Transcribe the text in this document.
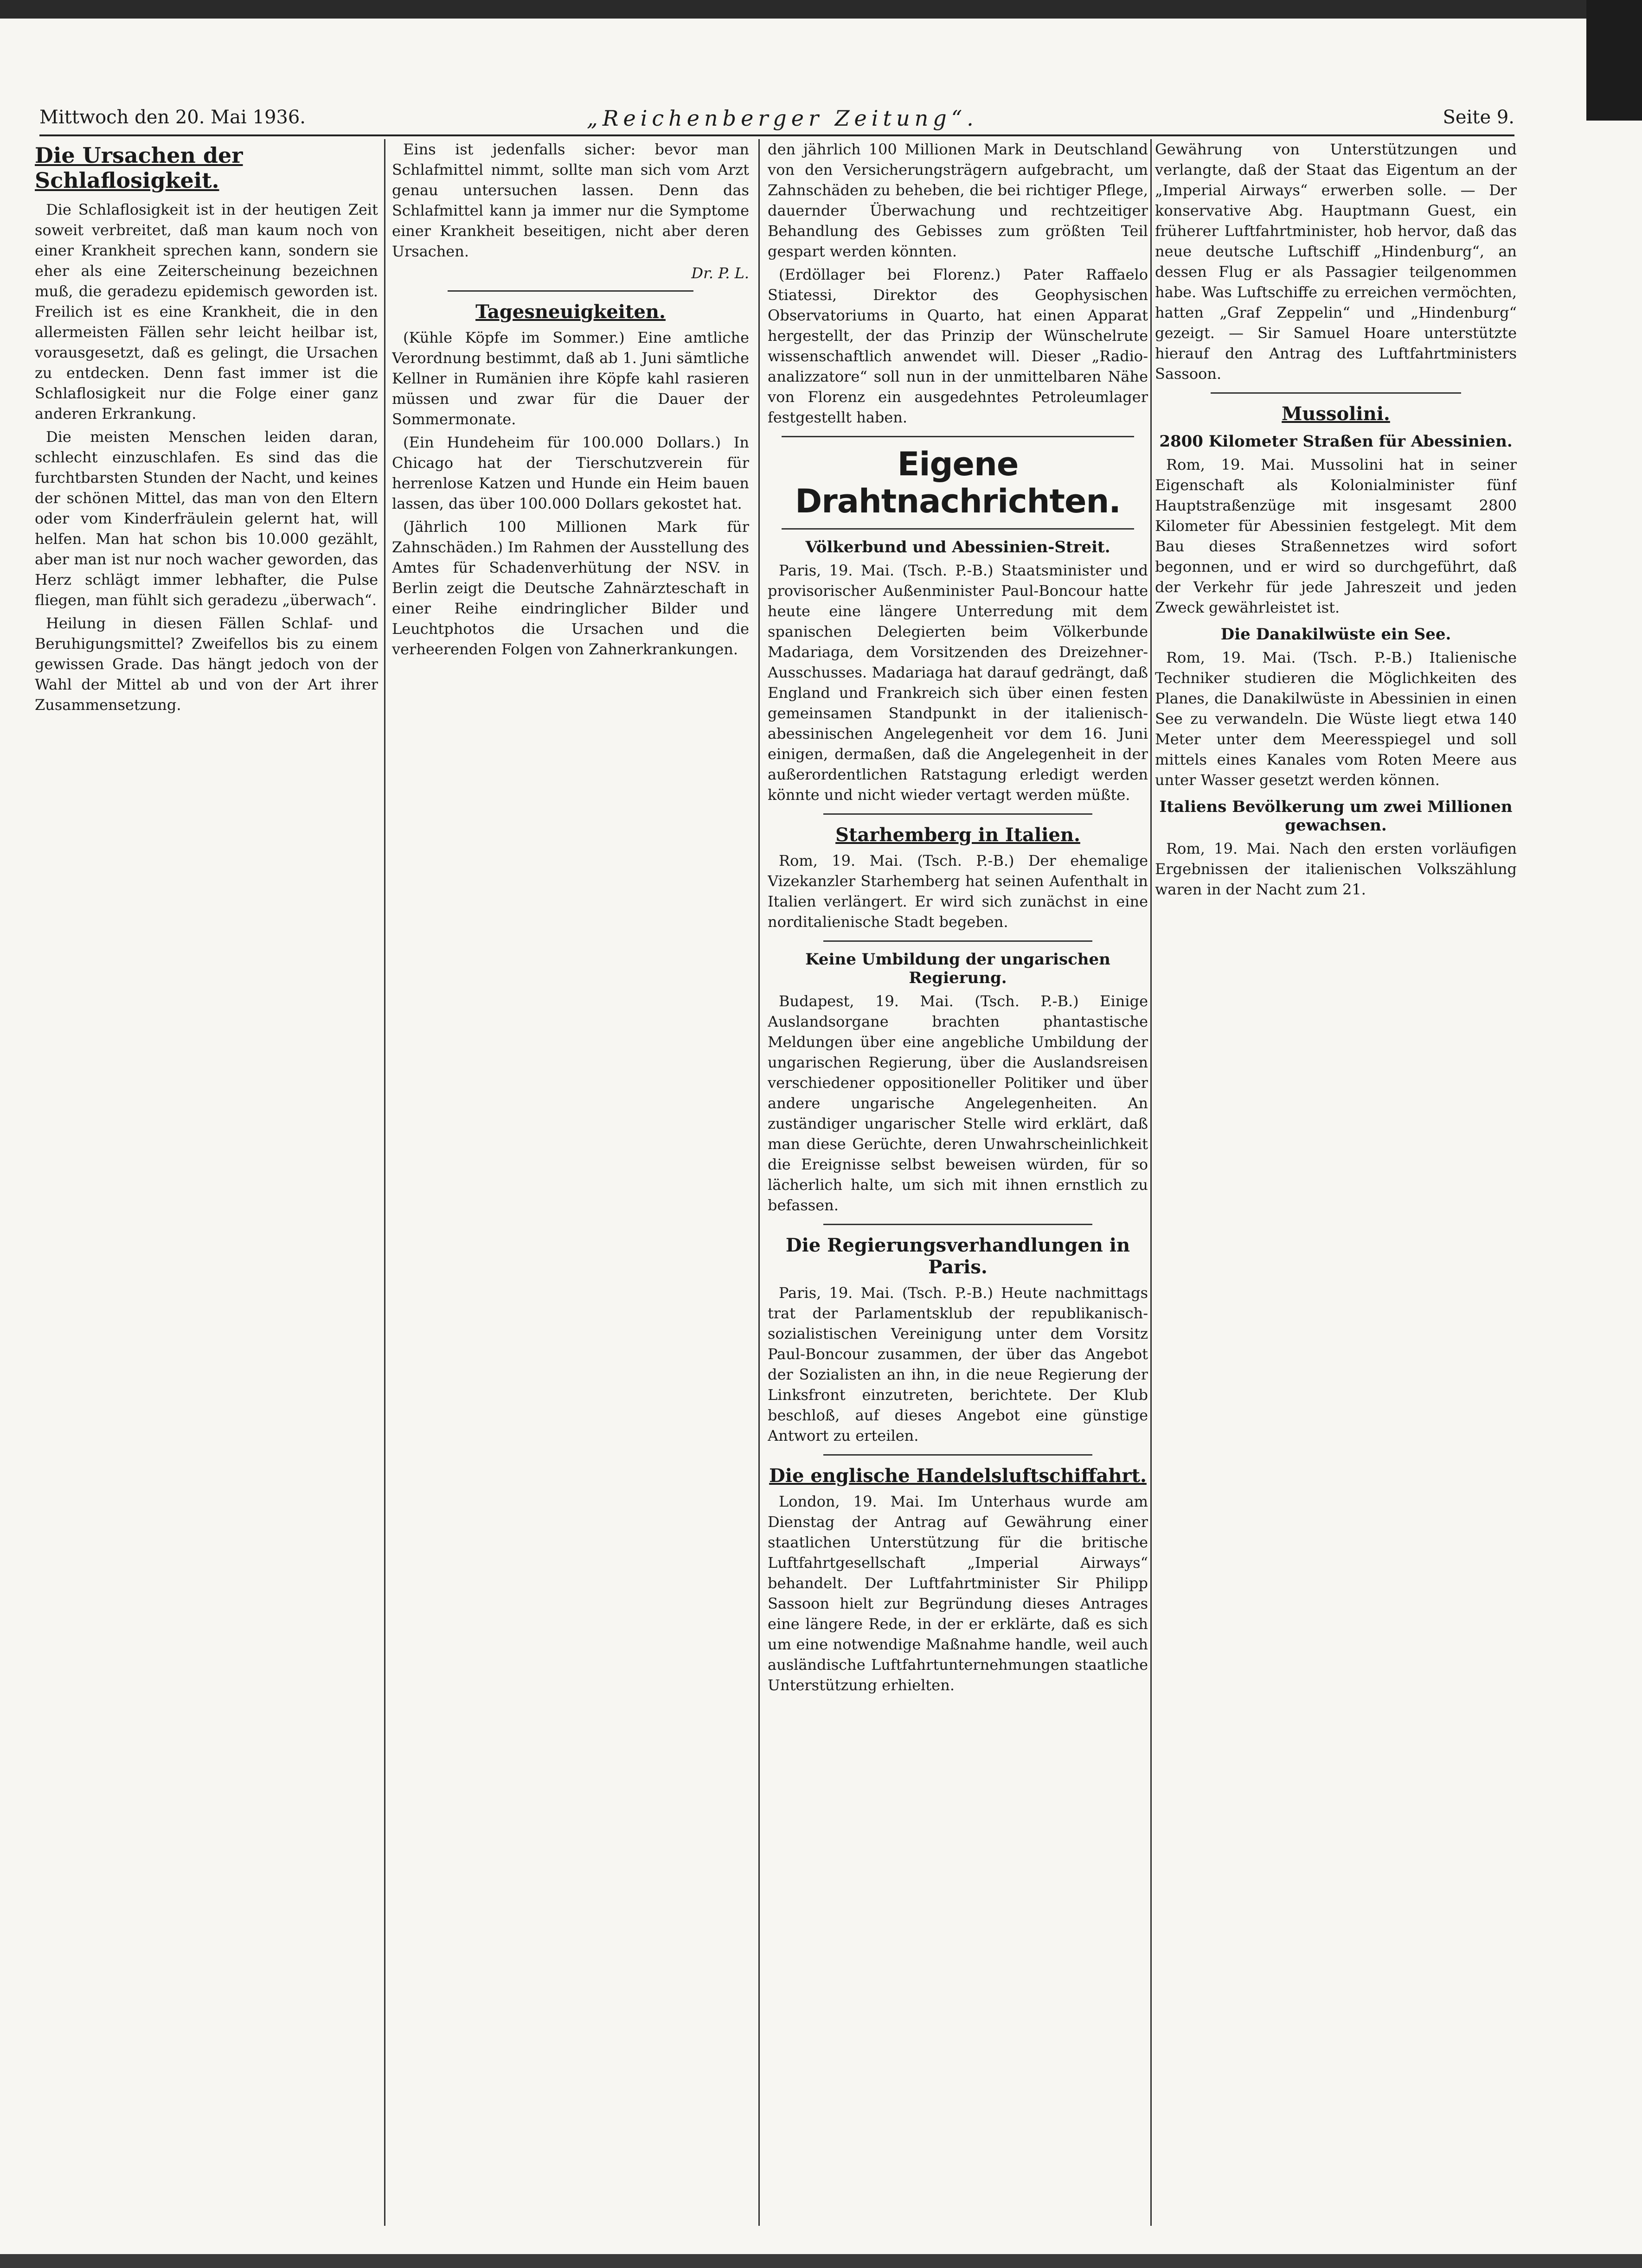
Mittwoch den 20. Mai 1936.	„Reichenberger Zeitung“.	Seite 9.
Die Ursachen der Schlaflosigkeit.

Die Schlaflosigkeit ist in der heutigen Zeit soweit verbreitet, daß man kaum noch von einer Krankheit sprechen kann, sondern sie eher als eine Zeiterscheinung bezeichnen muß, die geradezu epidemisch geworden ist. Freilich ist es eine Krankheit, die in den allermeisten Fällen sehr leicht heilbar ist, vorausgesetzt, daß es gelingt, die Ursachen zu entdecken. Denn fast immer ist die Schlaflosigkeit nur die Folge einer ganz anderen Erkrankung.

Die meisten Menschen leiden daran, schlecht einzuschlafen. Es sind das die furchtbarsten Stunden der Nacht, und keines der schönen Mittel, das man von den Eltern oder vom Kinderfräulein gelernt hat, will helfen. Man hat schon bis 10.000 gezählt, aber man ist nur noch wacher geworden, das Herz schlägt immer lebhafter, die Pulse fliegen, man fühlt sich geradezu „überwach“.

Heilung in diesen Fällen Schlaf- und Beruhigungsmittel? Zweifellos bis zu einem gewissen Grade. Das hängt jedoch von der Wahl der Mittel ab und von der Art ihrer Zusammensetzung.

Eins ist jedenfalls sicher: bevor man Schlafmittel nimmt, sollte man sich vom Arzt genau untersuchen lassen. Denn das Schlafmittel kann ja immer nur die Symptome einer Krankheit beseitigen, nicht aber deren Ursachen.

Dr. P. L.
Tagesneuigkeiten.

(Kühle Köpfe im Sommer.) Eine amtliche Verordnung bestimmt, daß ab 1. Juni sämtliche Kellner in Rumänien ihre Köpfe kahl rasieren müssen und zwar für die Dauer der Sommermonate.

(Ein Hundeheim für 100.000 Dollars.) In Chicago hat der Tierschutzverein für herrenlose Katzen und Hunde ein Heim bauen lassen, das über 100.000 Dollars gekostet hat.

(Jährlich 100 Millionen Mark für Zahnschäden.) Im Rahmen der Ausstellung des Amtes für Schadenverhütung der NSV. in Berlin zeigt die Deutsche Zahnärzteschaft in einer Reihe eindringlicher Bilder und Leuchtphotos die Ursachen und die verheerenden Folgen von Zahnerkrankungen.

den jährlich 100 Millionen Mark in Deutschland von den Versicherungsträgern aufgebracht, um Zahnschäden zu beheben, die bei richtiger Pflege, dauernder Überwachung und rechtzeitiger Behandlung des Gebisses zum größten Teil gespart werden könnten.

(Erdöllager bei Florenz.) Pater Raffaelo Stiatessi, Direktor des Geophysischen Observatoriums in Quarto, hat einen Apparat hergestellt, der das Prinzip der Wünschelrute wissenschaftlich anwendet will. Dieser „Radio-analizzatore“ soll nun in der unmittelbaren Nähe von Florenz ein ausgedehntes Petroleumlager festgestellt haben.

Eigene Drahtnachrichten.
Völkerbund und Abessinien-Streit.

Paris, 19. Mai. (Tsch. P.-B.) Staatsminister und provisorischer Außenminister Paul-Boncour hatte heute eine längere Unterredung mit dem spanischen Delegierten beim Völkerbunde Madariaga, dem Vorsitzenden des Dreizehner-Ausschusses. Madariaga hat darauf gedrängt, daß England und Frankreich sich über einen festen gemeinsamen Standpunkt in der italienisch-abessinischen Angelegenheit vor dem 16. Juni einigen, dermaßen, daß die Angelegenheit in der außerordentlichen Ratstagung erledigt werden könnte und nicht wieder vertagt werden müßte.

Starhemberg in Italien.

Rom, 19. Mai. (Tsch. P.-B.) Der ehemalige Vizekanzler Starhemberg hat seinen Aufenthalt in Italien verlängert. Er wird sich zunächst in eine norditalienische Stadt begeben.

Keine Umbildung der ungarischen Regierung.

Budapest, 19. Mai. (Tsch. P.-B.) Einige Auslandsorgane brachten phantastische Meldungen über eine angebliche Umbildung der ungarischen Regierung, über die Auslandsreisen verschiedener oppositioneller Politiker und über andere ungarische Angelegenheiten. An zuständiger ungarischer Stelle wird erklärt, daß man diese Gerüchte, deren Unwahrscheinlichkeit die Ereignisse selbst beweisen würden, für so lächerlich halte, um sich mit ihnen ernstlich zu befassen.

Die Regierungsverhandlungen in Paris.

Paris, 19. Mai. (Tsch. P.-B.) Heute nachmittags trat der Parlamentsklub der republikanisch-sozialistischen Vereinigung unter dem Vorsitz Paul-Boncour zusammen, der über das Angebot der Sozialisten an ihn, in die neue Regierung der Linksfront einzutreten, berichtete. Der Klub beschloß, auf dieses Angebot eine günstige Antwort zu erteilen.

Die englische Handelsluftschiffahrt.

London, 19. Mai. Im Unterhaus wurde am Dienstag der Antrag auf Gewährung einer staatlichen Unterstützung für die britische Luftfahrtgesellschaft „Imperial Airways“ behandelt. Der Luftfahrtminister Sir Philipp Sassoon hielt zur Begründung dieses Antrages eine längere Rede, in der er erklärte, daß es sich um eine notwendige Maßnahme handle, weil auch ausländische Luftfahrtunternehmungen staatliche Unterstützung erhielten.

Gewährung von Unterstützungen und verlangte, daß der Staat das Eigentum an der „Imperial Airways“ erwerben solle. — Der konservative Abg. Hauptmann Guest, ein früherer Luftfahrtminister, hob hervor, daß das neue deutsche Luftschiff „Hindenburg“, an dessen Flug er als Passagier teilgenommen habe. Was Luftschiffe zu erreichen vermöchten, hatten „Graf Zeppelin“ und „Hindenburg“ gezeigt. — Sir Samuel Hoare unterstützte hierauf den Antrag des Luftfahrtministers Sassoon.

Mussolini.
2800 Kilometer Straßen für Abessinien.

Rom, 19. Mai. Mussolini hat in seiner Eigenschaft als Kolonialminister fünf Hauptstraßenzüge mit insgesamt 2800 Kilometer für Abessinien festgelegt. Mit dem Bau dieses Straßennetzes wird sofort begonnen, und er wird so durchgeführt, daß der Verkehr für jede Jahreszeit und jeden Zweck gewährleistet ist.

Die Danakilwüste ein See.

Rom, 19. Mai. (Tsch. P.-B.) Italienische Techniker studieren die Möglichkeiten des Planes, die Danakilwüste in Abessinien in einen See zu verwandeln. Die Wüste liegt etwa 140 Meter unter dem Meeresspiegel und soll mittels eines Kanales vom Roten Meere aus unter Wasser gesetzt werden können.

Italiens Bevölkerung um zwei Millionen gewachsen.

Rom, 19. Mai. Nach den ersten vorläufigen Ergebnissen der italienischen Volkszählung waren in der Nacht zum 21.
